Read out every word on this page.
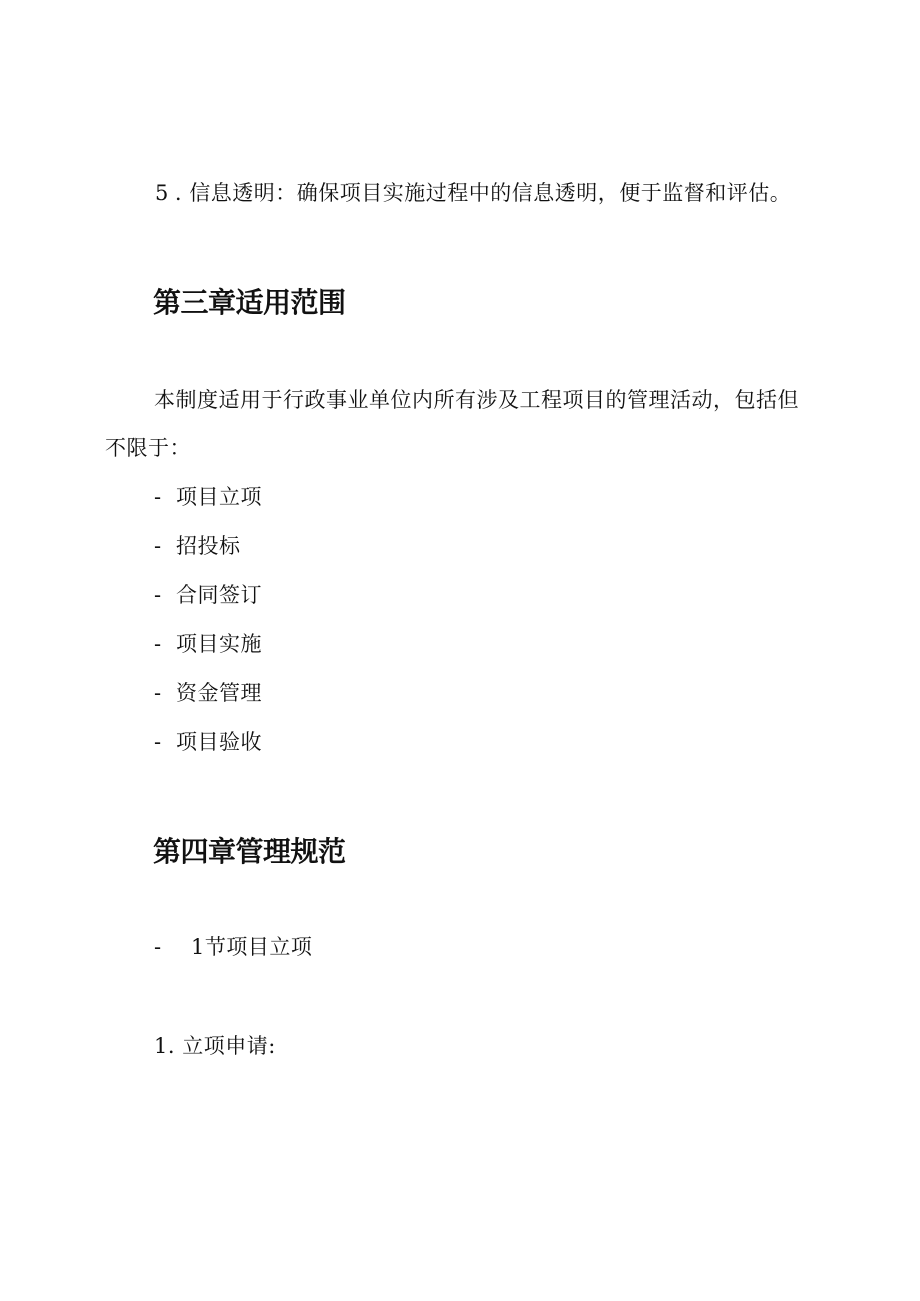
5 . 信息透明：确保项目实施过程中的信息透明，便于监督和评估。
第三章适用范围
本制度适用于行政事业单位内所有涉及工程项目的管理活动，包括但
不限于：
- 项目立项
- 招投标
- 合同签订
- 项目实施
- 资金管理
- 项目验收
第四章管理规范
- 1节项目立项
1. 立项申请:
